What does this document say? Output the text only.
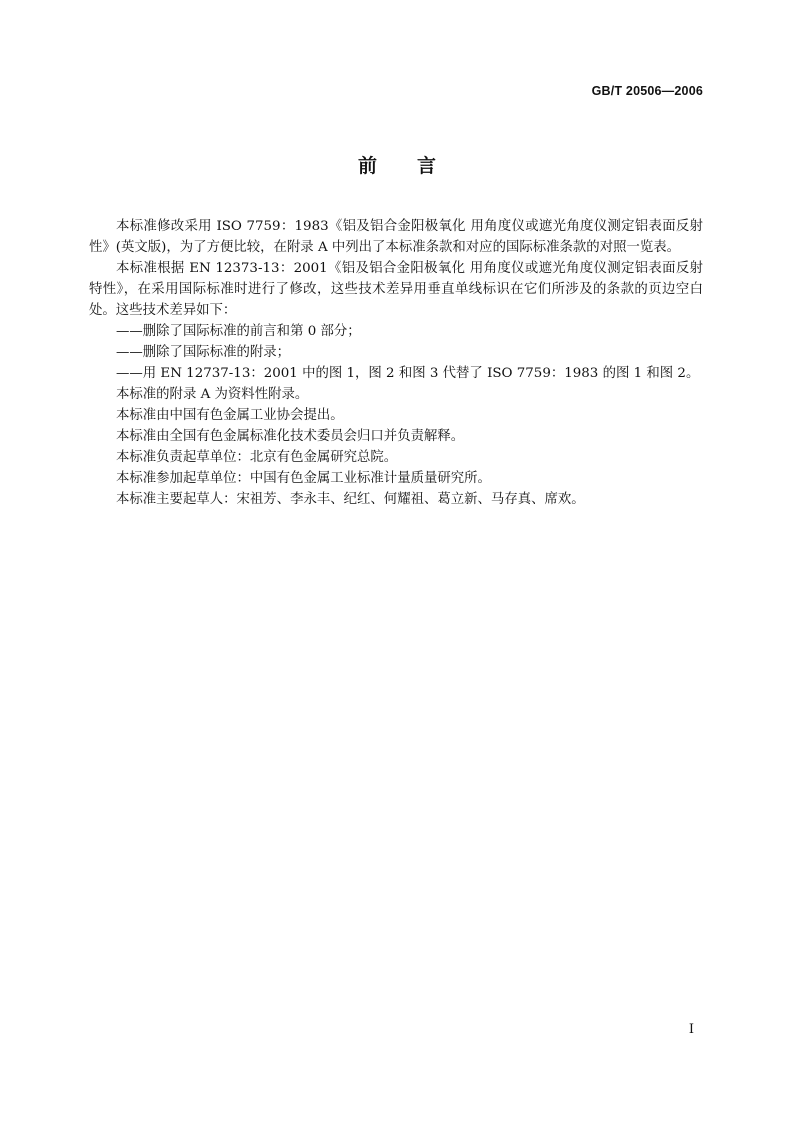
GB/T 20506—2006
前 言

本标准修改采用 ISO 7759：1983《铝及铝合金阳极氧化 用角度仪或遮光角度仪测定铝表面反射性》(英文版)，为了方便比较，在附录 A 中列出了本标准条款和对应的国际标准条款的对照一览表。

本标准根据 EN 12373-13：2001《铝及铝合金阳极氧化 用角度仪或遮光角度仪测定铝表面反射特性》，在采用国际标准时进行了修改，这些技术差异用垂直单线标识在它们所涉及的条款的页边空白处。这些技术差异如下：

——删除了国际标准的前言和第 0 部分；

——删除了国际标准的附录；

——用 EN 12737-13：2001 中的图 1，图 2 和图 3 代替了 ISO 7759：1983 的图 1 和图 2。

本标准的附录 A 为资料性附录。

本标准由中国有色金属工业协会提出。

本标准由全国有色金属标准化技术委员会归口并负责解释。

本标准负责起草单位：北京有色金属研究总院。

本标准参加起草单位：中国有色金属工业标准计量质量研究所。

本标准主要起草人：宋祖芳、李永丰、纪红、何耀祖、葛立新、马存真、席欢。

I
